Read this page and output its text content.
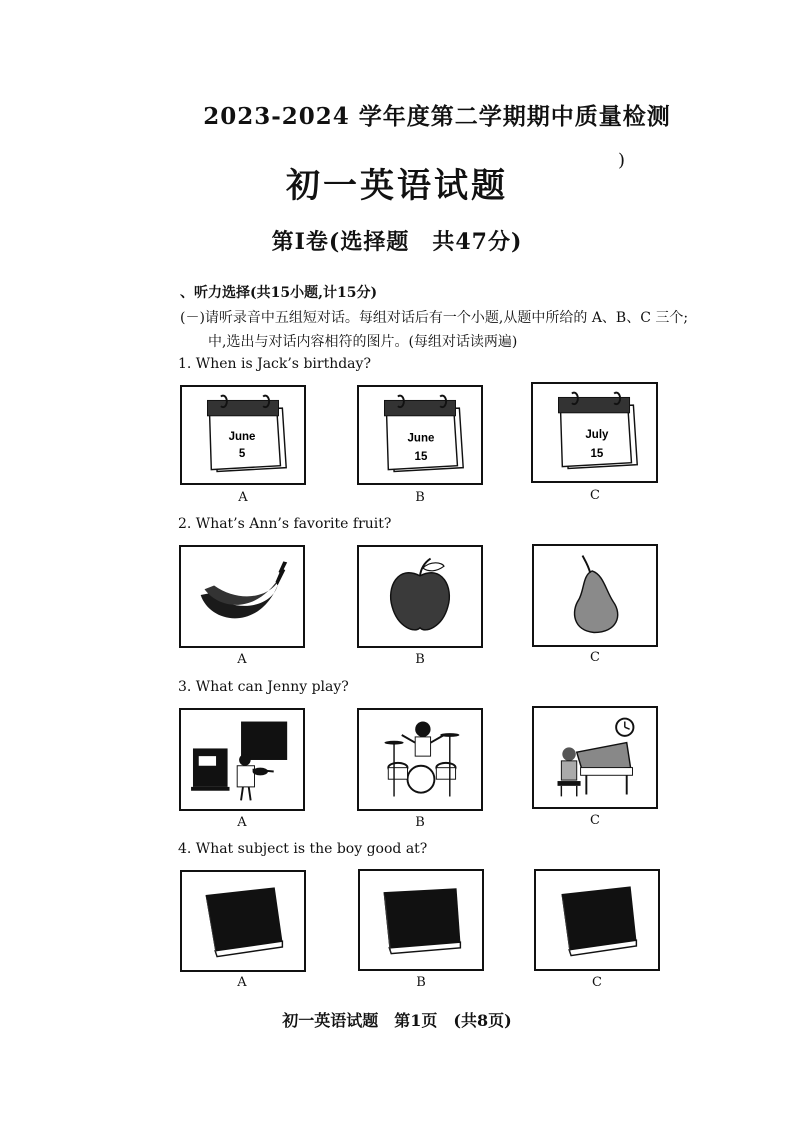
2023-2024 学年度第二学期期中质量检测
)
初一英语试题
第Ⅰ卷(选择题　共47分)
、听力选择(共15小题,计15分)
(－)请听录音中五组短对话。每组对话后有一个小题,从题中所给的 A、B、C 三个;
中,选出与对话内容相符的图片。(每组对话读两遍)
1. When is Jack’s birthday?
June
5
A
June
15
B
July
15
C
2. What’s Ann’s favorite fruit?
A	B	C
3. What can Jenny play?
A	B	C
4. What subject is the boy good at?
A	B	C
初一英语试题　第1页　(共8页)
